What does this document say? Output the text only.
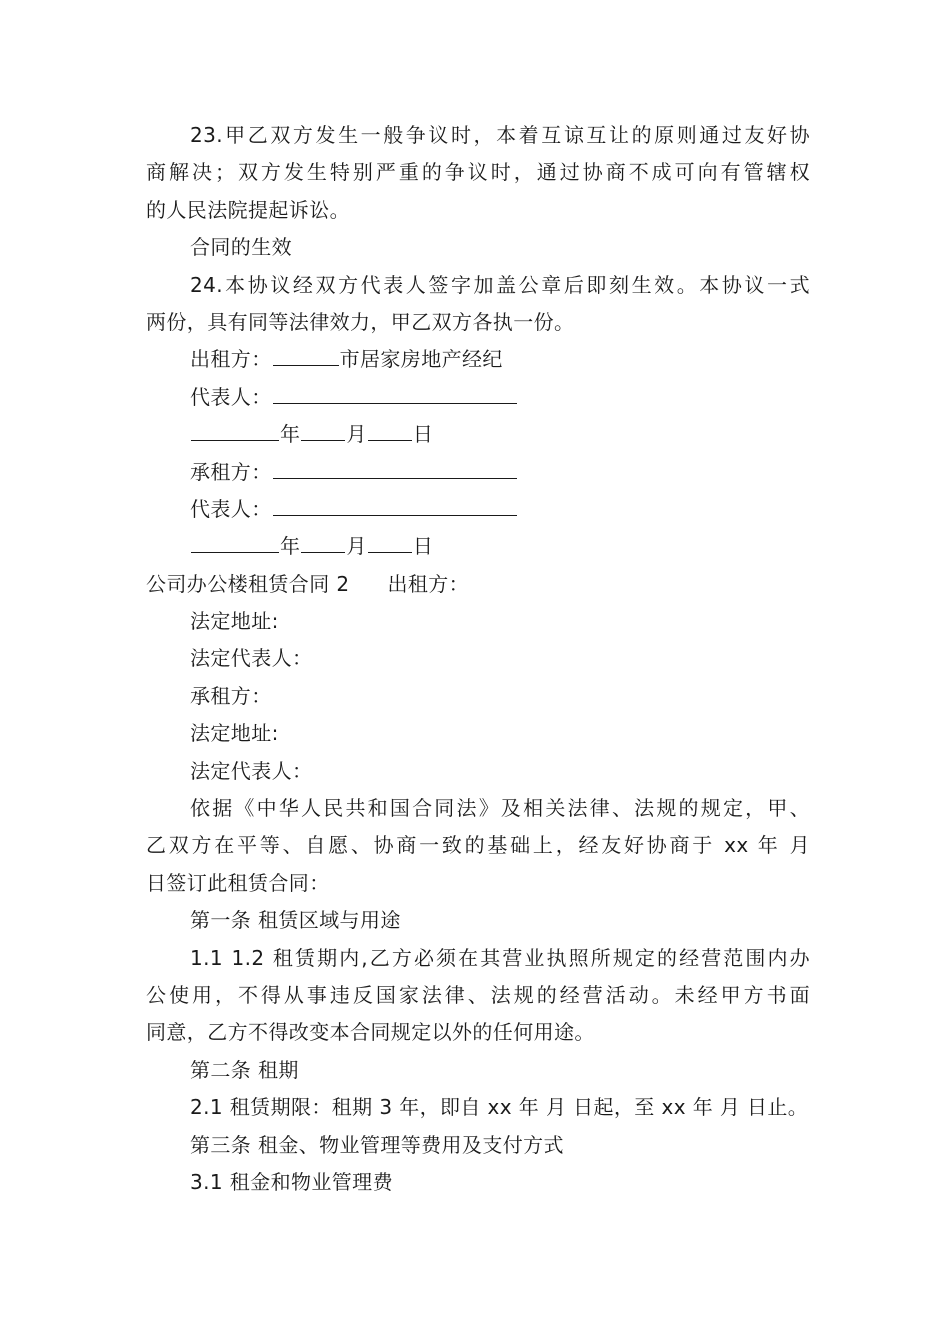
23.甲乙双方发生一般争议时，本着互谅互让的原则通过友好协
商解决；双方发生特别严重的争议时，通过协商不成可向有管辖权
的人民法院提起诉讼。
合同的生效
24.本协议经双方代表人签字加盖公章后即刻生效。本协议一式
两份，具有同等法律效力，甲乙双方各执一份。
出租方：	市居家房地产经纪
代表人：
年 月 日
承租方：
代表人：
年 月 日
公司办公楼租赁合同 2 出租方：
法定地址:
法定代表人：
承租方：
法定地址:
法定代表人：
依据《中华人民共和国合同法》及相关法律、法规的规定，甲、
乙双方在平等、自愿、协商一致的基础上，经友好协商于 xx 年 月
日签订此租赁合同：
第一条 租赁区域与用途
1.1 1.2 租赁期内,乙方必须在其营业执照所规定的经营范围内办
公使用，不得从事违反国家法律、法规的经营活动。未经甲方书面
同意，乙方不得改变本合同规定以外的任何用途。
第二条 租期
2.1 租赁期限：租期 3 年，即自 xx 年 月 日起，至 xx 年 月 日止。
第三条 租金、物业管理等费用及支付方式
3.1 租金和物业管理费
